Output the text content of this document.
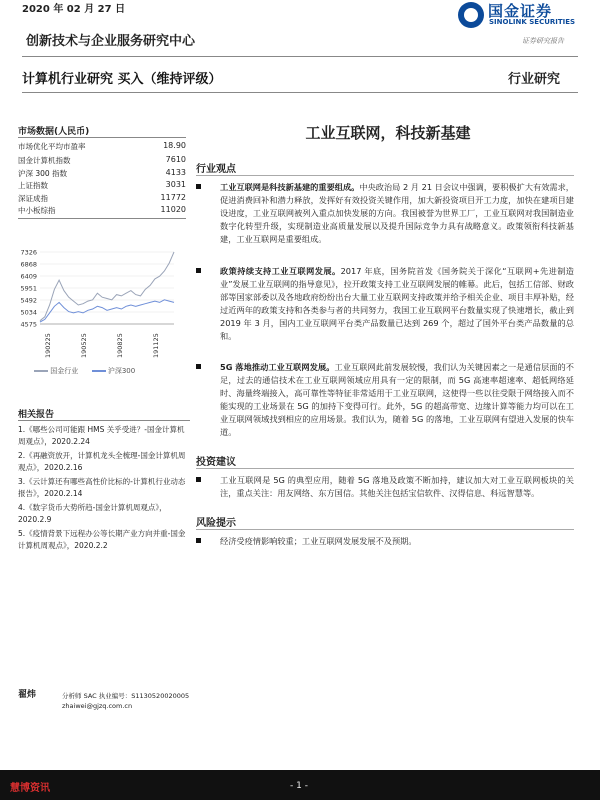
2020 年 02 月 27 日	国金证券
SINOLINK SECURITIES
证券研究报告
创新技术与企业服务研究中心
计算机行业研究 买入（维持评级）	行业研究
市场数据(人民币)
市场优化平均市盈率	18.90
国金计算机指数	7610
沪深 300 指数	4133
上证指数	3031
深证成指	11772
中小板综指	11020
7326
6868
6409
5951
5492
5034
4575
190225	190525	190825	191125
国金行业	沪深300
相关报告
1.《哪些公司可能跟 HMS 关乎受进？-国金计算机周观点》，2020.2.24
2.《再融资放开，计算机龙头全梳理-国金计算机周观点》，2020.2.16
3.《云计算还有哪些高性价比标的-计算机行业动态报告》，2020.2.14
4.《数字货币大势所趋-国金计算机周观点》，2020.2.9
5.《疫情背景下远程办公等长期产业方向并重-国金计算机周观点》，2020.2.2
翟炜	分析师 SAC 执业编号：S1130520020005
zhaiwei@gjzq.com.cn
工业互联网，科技新基建
行业观点
工业互联网是科技新基建的重要组成。中央政治局 2 月 21 日会议中强调，要积极扩大有效需求，促进消费回补和潜力释放，发挥好有效投资关键作用，加大新投资项目开工力度，加快在建项目建设进度，工业互联网被列入重点加快发展的方向。我国被誉为世界工厂，工业互联网对我国制造业数字化转型升级，实现制造业高质量发展以及提升国际竞争力具有战略意义。政策领衔科技新基建，工业互联网是重要组成。
政策持续支持工业互联网发展。2017 年底，国务院首发《国务院关于深化“互联网+先进制造业”发展工业互联网的指导意见》，拉开政策支持工业互联网发展的帷幕。此后，包括工信部、财政部等国家部委以及各地政府纷纷出台大量工业互联网支持政策并给予相关企业、项目丰厚补贴，经过近两年的政策支持和各类参与者的共同努力，我国工业互联网平台数量实现了快速增长，截止到 2019 年 3 月，国内工业互联网平台类产品数量已达到 269 个，超过了国外平台类产品数量的总和。
5G 落地推动工业互联网发展。工业互联网此前发展较慢，我们认为关键因素之一是通信层面的不足，过去的通信技术在工业互联网领域应用具有一定的限制，而 5G 高速率超速率、超低网络延时、海量终端接入，高可靠性等特征非常适用于工业互联网，这使得一些以往受限于网络接入而不能实现的工业场景在 5G 的加持下变得可行。此外，5G 的超高带宽、边缘计算等能力均可以在工业互联网领域找到相应的应用场景。我们认为，随着 5G 的落地，工业互联网有望进入发展的快车道。
投资建议
工业互联网是 5G 的典型应用，随着 5G 落地及政策不断加持，建议加大对工业互联网板块的关注，重点关注：用友网络、东方国信。其他关注包括宝信软件、汉得信息、科远智慧等。
风险提示
经济受疫情影响较重；工业互联网发展发展不及预期。
慧博资讯	- 1 -
